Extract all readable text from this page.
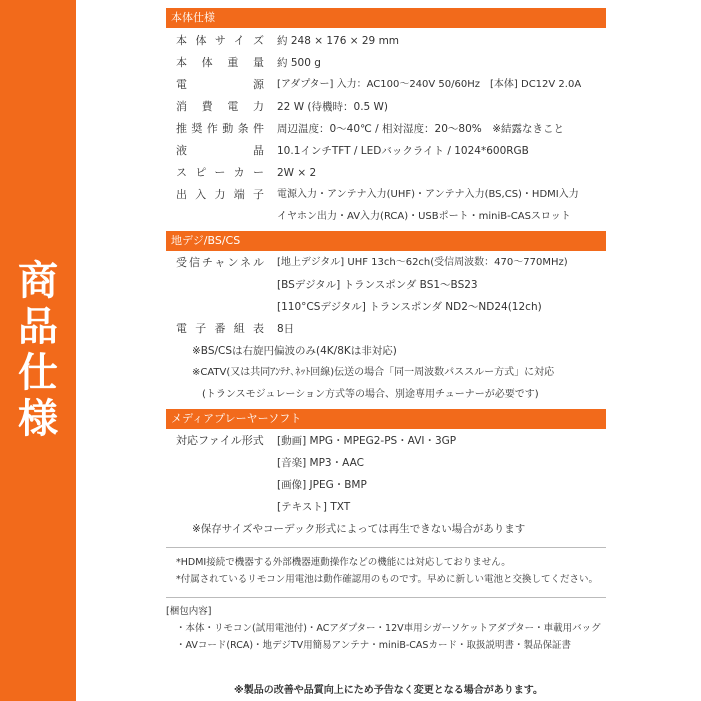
商
品
仕
様
本体仕様
本体サイズ 約 248 × 176 × 29 mm
本体重量 約 500 g
電源 [アダプター] 入力：AC100〜240V 50/60Hz　[本体] DC12V 2.0A
消費電力 22 W (待機時：0.5 W)
推奨作動条件 周辺温度：0〜40℃ / 相対湿度：20〜80%　※結露なきこと
液晶 10.1インチTFT / LEDバックライト / 1024*600RGB
スピーカー 2W × 2
出入力端子 電源入力・アンテナ入力(UHF)・アンテナ入力(BS,CS)・HDMI入力
イヤホン出力・AV入力(RCA)・USBポート・miniB-CASスロット
地デジ/BS/CS
受信チャンネル [地上デジタル] UHF 13ch〜62ch(受信周波数：470〜770MHz)
[BSデジタル] トランスポンダ BS1〜BS23
[110°CSデジタル] トランスポンダ ND2〜ND24(12ch)
電子番組表 8日
※BS/CSは右旋円偏波のみ(4K/8Kは非対応)
※CATV(又は共同ｱﾝﾃﾅ､ﾈｯﾄ回線)伝送の場合「同一周波数パススルー方式」に対応
(トランスモジュレーション方式等の場合、別途専用チューナーが必要です)
メディアプレーヤーソフト
対応ファイル形式 [動画] MPG・MPEG2-PS・AVI・3GP
[音楽] MP3・AAC
[画像] JPEG・BMP
[テキスト] TXT
※保存サイズやコーデック形式によっては再生できない場合があります
*HDMI接続で機器する外部機器連動操作などの機能には対応しておりません。
*付属されているリモコン用電池は動作確認用のものです。早めに新しい電池と交換してください。
[梱包内容]
・本体・リモコン(試用電池付)・ACアダプター・12V車用シガーソケットアダプター・車載用バッグ
・AVコード(RCA)・地デジTV用簡易アンテナ・miniB-CASカード・取扱説明書・製品保証書
※製品の改善や品質向上にため予告なく変更となる場合があります。
